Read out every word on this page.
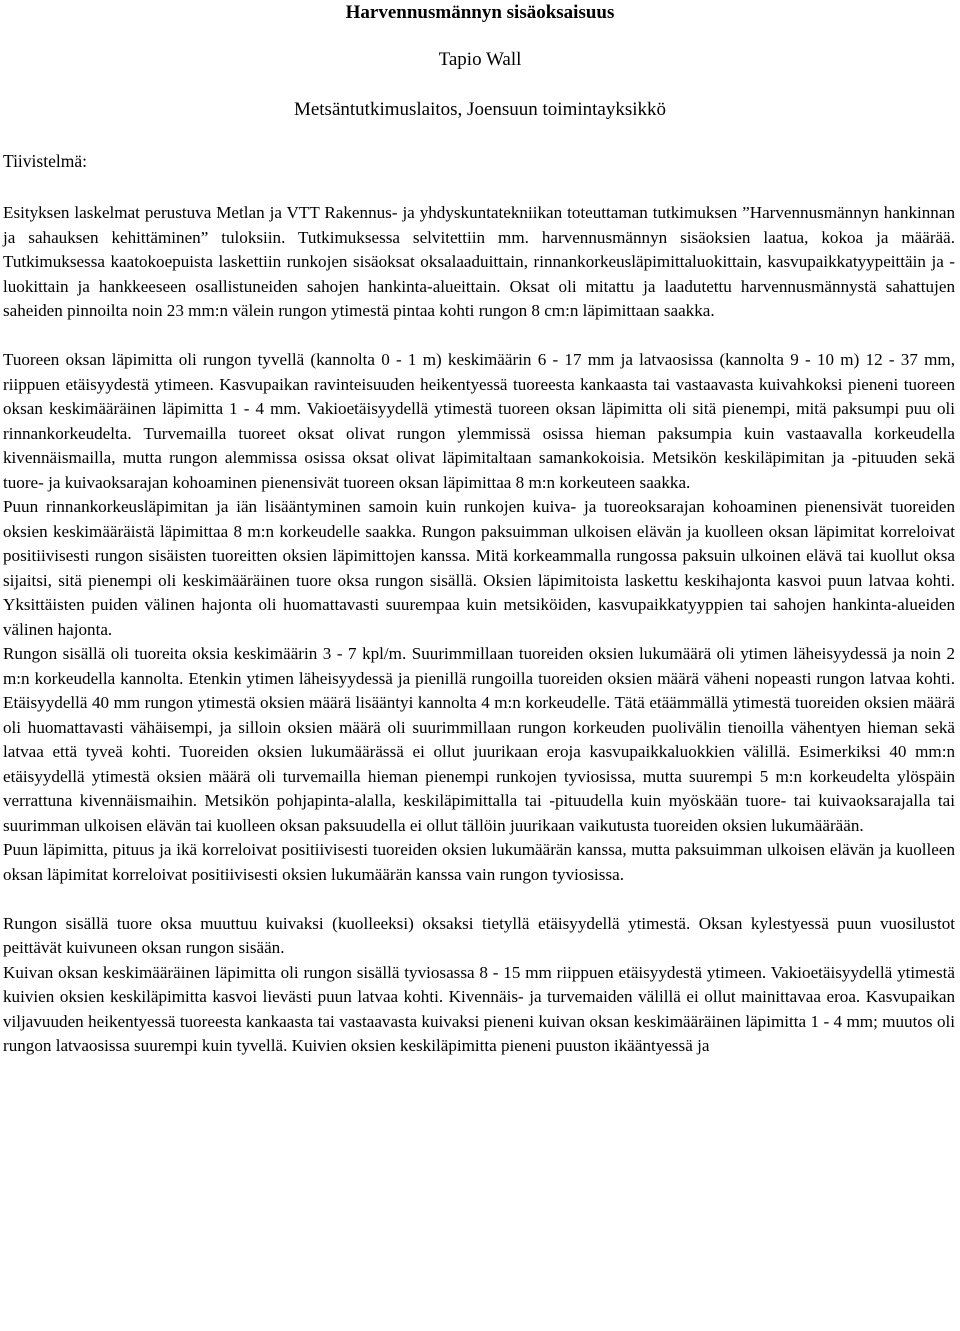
Harvennusmännyn sisäoksaisuus

Tapio Wall

Metsäntutkimuslaitos, Joensuun toimintayksikkö

Tiivistelmä:

Esityksen laskelmat perustuva Metlan ja VTT Rakennus- ja yhdyskuntatekniikan toteuttaman tutkimuksen ”Harvennusmännyn hankinnan ja sahauksen kehittäminen” tuloksiin. Tutkimuksessa selvitettiin mm. harvennusmännyn sisäoksien laatua, kokoa ja määrää. Tutkimuksessa kaatokoepuista laskettiin runkojen sisäoksat oksalaaduittain, rinnankorkeusläpimittaluokittain, kasvupaikkatyypeittäin ja -luokittain ja hankkeeseen osallistuneiden sahojen hankinta-alueittain. Oksat oli mitattu ja laadutettu harvennusmännystä sahattujen saheiden pinnoilta noin 23 mm:n välein rungon ytimestä pintaa kohti rungon 8 cm:n läpimittaan saakka.

Tuoreen oksan läpimitta oli rungon tyvellä (kannolta 0 - 1 m) keskimäärin 6 - 17 mm ja latvaosissa (kannolta 9 - 10 m) 12 - 37 mm, riippuen etäisyydestä ytimeen. Kasvupaikan ravinteisuuden heikentyessä tuoreesta kankaasta tai vastaavasta kuivahkoksi pieneni tuoreen oksan keskimääräinen läpimitta 1 - 4 mm. Vakioetäisyydellä ytimestä tuoreen oksan läpimitta oli sitä pienempi, mitä paksumpi puu oli rinnankorkeudelta. Turvemailla tuoreet oksat olivat rungon ylemmissä osissa hieman paksumpia kuin vastaavalla korkeudella kivennäismailla, mutta rungon alemmissa osissa oksat olivat läpimitaltaan samankokoisia. Metsikön keskiläpimitan ja -pituuden sekä tuore- ja kuivaoksarajan kohoaminen pienensivät tuoreen oksan läpimittaa 8 m:n korkeuteen saakka.

Puun rinnankorkeusläpimitan ja iän lisääntyminen samoin kuin runkojen kuiva- ja tuoreoksarajan kohoaminen pienensivät tuoreiden oksien keskimääräistä läpimittaa 8 m:n korkeudelle saakka. Rungon paksuimman ulkoisen elävän ja kuolleen oksan läpimitat korreloivat positiivisesti rungon sisäisten tuoreitten oksien läpimittojen kanssa. Mitä korkeammalla rungossa paksuin ulkoinen elävä tai kuollut oksa sijaitsi, sitä pienempi oli keskimääräinen tuore oksa rungon sisällä. Oksien läpimitoista laskettu keskihajonta kasvoi puun latvaa kohti. Yksittäisten puiden välinen hajonta oli huomattavasti suurempaa kuin metsiköiden, kasvupaikkatyyppien tai sahojen hankinta-alueiden välinen hajonta.

Rungon sisällä oli tuoreita oksia keskimäärin 3 - 7 kpl/m. Suurimmillaan tuoreiden oksien lukumäärä oli ytimen läheisyydessä ja noin 2 m:n korkeudella kannolta. Etenkin ytimen läheisyydessä ja pienillä rungoilla tuoreiden oksien määrä väheni nopeasti rungon latvaa kohti. Etäisyydellä 40 mm rungon ytimestä oksien määrä lisääntyi kannolta 4 m:n korkeudelle. Tätä etäämmällä ytimestä tuoreiden oksien määrä oli huomattavasti vähäisempi, ja silloin oksien määrä oli suurimmillaan rungon korkeuden puolivälin tienoilla vähentyen hieman sekä latvaa että tyveä kohti. Tuoreiden oksien lukumäärässä ei ollut juurikaan eroja kasvupaikkaluokkien välillä. Esimerkiksi 40 mm:n etäisyydellä ytimestä oksien määrä oli turvemailla hieman pienempi runkojen tyviosissa, mutta suurempi 5 m:n korkeudelta ylöspäin verrattuna kivennäismaihin. Metsikön pohjapinta-alalla, keskiläpimittalla tai -pituudella kuin myöskään tuore- tai kuivaoksarajalla tai suurimman ulkoisen elävän tai kuolleen oksan paksuudella ei ollut tällöin juurikaan vaikutusta tuoreiden oksien lukumäärään.

Puun läpimitta, pituus ja ikä korreloivat positiivisesti tuoreiden oksien lukumäärän kanssa, mutta paksuimman ulkoisen elävän ja kuolleen oksan läpimitat korreloivat positiivisesti oksien lukumäärän kanssa vain rungon tyviosissa.

Rungon sisällä tuore oksa muuttuu kuivaksi (kuolleeksi) oksaksi tietyllä etäisyydellä ytimestä. Oksan kylestyessä puun vuosilustot peittävät kuivuneen oksan rungon sisään.

Kuivan oksan keskimääräinen läpimitta oli rungon sisällä tyviosassa 8 - 15 mm riippuen etäisyydestä ytimeen. Vakioetäisyydellä ytimestä kuivien oksien keskiläpimitta kasvoi lievästi puun latvaa kohti. Kivennäis- ja turvemaiden välillä ei ollut mainittavaa eroa. Kasvupaikan viljavuuden heikentyessä tuoreesta kankaasta tai vastaavasta kuivaksi pieneni kuivan oksan keskimääräinen läpimitta 1 - 4 mm; muutos oli rungon latvaosissa suurempi kuin tyvellä. Kuivien oksien keskiläpimitta pieneni puuston ikääntyessä ja
